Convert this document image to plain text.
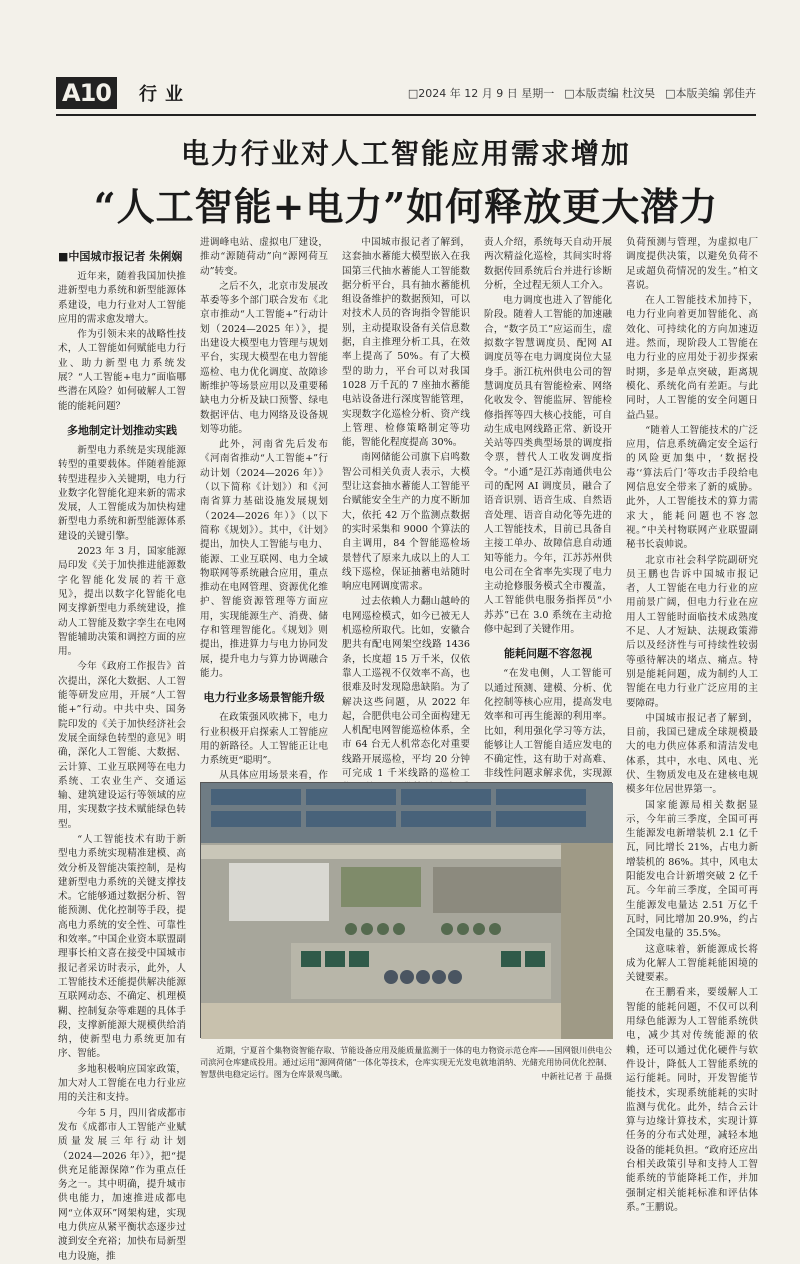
A10	行业	□2024 年 12 月 9 日 星期一 □本版责编 杜汶昊 □本版美编 郭佳卉
电力行业对人工智能应用需求增加
“人工智能+电力”如何释放更大潜力
■中国城市报记者 朱俐娴

近年来，随着我国加快推进新型电力系统和新型能源体系建设，电力行业对人工智能应用的需求愈发增大。

作为引领未来的战略性技术，人工智能如何赋能电力行业、助力新型电力系统发展？“人工智能+电力”面临哪些潜在风险？如何破解人工智能的能耗问题？

多地制定计划推动实践

新型电力系统是实现能源转型的重要载体。伴随着能源转型进程步入关键期，电力行业数字化智能化迎来新的需求发展，人工智能成为加快构建新型电力系统和新型能源体系建设的关键引擎。

2023 年 3 月，国家能源局印发《关于加快推进能源数字化智能化发展的若干意见》，提出以数字化智能化电网支撑新型电力系统建设，推动人工智能及数字孪生在电网智能辅助决策和调控方面的应用。

今年《政府工作报告》首次提出，深化大数据、人工智能等研发应用，开展“人工智能+”行动。中共中央、国务院印发的《关于加快经济社会发展全面绿色转型的意见》明确，深化人工智能、大数据、云计算、工业互联网等在电力系统、工农业生产、交通运输、建筑建设运行等领域的应用，实现数字技术赋能绿色转型。

“人工智能技术有助于新型电力系统实现精准建模、高效分析及智能决策控制，是构建新型电力系统的关键支撑技术。它能够通过数据分析、智能预测、优化控制等手段，提高电力系统的安全性、可靠性和效率。”中国企业资本联盟副理事长柏文喜在接受中国城市报记者采访时表示，此外，人工智能技术还能提供解决能源互联网动态、不确定、机理模糊、控制复杂等难题的具体手段，支撑新能源大规模供给消纳，使新型电力系统更加有序、智能。

多地积极响应国家政策，加大对人工智能在电力行业应用的关注和支持。

今年 5 月，四川省成都市发布《成都市人工智能产业赋质量发展三年行动计划（2024—2026 年）》，把“提供充足能源保障”作为重点任务之一。其中明确，提升城市供电能力，加速推进成都电网“立体双环”网架构建，实现电力供应从紧平衡状态逐步过渡到安全充裕；加快布局新型电力设施，推

进调峰电站、虚拟电厂建设，推动“源随荷动”向“源网荷互动”转变。

之后不久，北京市发展改革委等多个部门联合发布《北京市推动“人工智能+”行动计划（2024—2025 年）》，提出建设大模型电力管理与规划平台，实现大模型在电力智能巡检、电力优化调度、故障诊断维护等场景应用以及重要稀缺电力分析及缺口预警、绿电数据评估、电力网络及设备规划等功能。

此外，河南省先后发布《河南省推动“人工智能+”行动计划（2024—2026 年）》（以下简称《计划》）和《河南省算力基础设施发展规划（2024—2026 年）》（以下简称《规划》）。其中，《计划》提出，加快人工智能与电力、能源、工业互联网、电力全域物联网等系统融合应用，重点推动在电网管理、资源优化维护、智能资源管理等方面应用，实现能源生产、消费、储存和管理智能化。《规划》则提出，推进算力与电力协同发展，提升电力与算力协调融合能力。

电力行业多场景智能升级

在政策强风吹拂下，电力行业积极开启探索人工智能应用的新路径。人工智能正让电力系统更“聪明”。

从具体应用场景来看，作

中国城市报记者了解到，这套抽水蓄能大模型嵌入在我国第三代抽水蓄能人工智能数据分析平台，具有抽水蓄能机组设备维护的数据预知，可以对技术人员的咨询指令智能识别，主动提取设备有关信息数据，自主推理分析工具，在效率上提高了 50%。有了大模型的助力，平台可以对我国 1028 万千瓦的 7 座抽水蓄能电站设备进行深度智能管理，实现数字化巡检分析、资产线上管理、检修策略制定等功能，智能化程度提高 30%。

南网储能公司旗下启鸣数智公司相关负责人表示，大模型让这套抽水蓄能人工智能平台赋能安全生产的力度不断加大，依托 42 万个监测点数据的实时采集和 9000 个算法的自主调用，84 个智能巡检场景替代了原来九成以上的人工线下巡检，保证抽蓄电站随时响应电网调度需求。

过去依赖人力翻山越岭的电网巡检模式，如今已被无人机巡检所取代。比如，安徽合肥共有配电网架空线路 1436 条，长度超 15 万千米，仅依靠人工巡视不仅效率不高，也很难及时发现隐患缺陷。为了解决这些问题，从 2022 年起，合肥供电公司全面构建无人机配电网智能巡检体系，全市 64 台无人机常态化对重要线路开展巡检，平均 20 分钟可完成 1 千米线路的巡检工

责人介绍，系统每天自动开展两次精益化巡检，其间实时将数据传回系统后台并进行诊断分析，全过程无须人工介入。

电力调度也进入了智能化阶段。随着人工智能的加速融合，“数字员工”应运而生，虚拟数字智慧调度员、配网 AI 调度员等在电力调度岗位大显身手。浙江杭州供电公司的智慧调度员具有智能检索、网络化收发令、智能监屏、智能检修指挥等四大核心技能，可自动生成电网线路正常、新设开关站等四类典型场景的调度指令票，替代人工收发调度指令。“小通”是江苏南通供电公司的配网 AI 调度员，融合了语音识别、语音生成、自然语音处理、语音自动化等先进的人工智能技术，目前已具备自主接工单办、故障信息自动通知等能力。今年，江苏苏州供电公司在全省率先实现了电力主动抢修服务模式全市覆盖，人工智能供电服务指挥员“小苏苏”已在 3.0 系统在主动抢修中起到了关键作用。

能耗问题不容忽视

“在发电侧，人工智能可以通过预测、建模、分析、优化控制等核心应用，提高发电效率和可再生能源的利用率。比如，利用强化学习等方法，能够让人工智能自适应发电的不确定性，这有助于对高难、非线性问题求解求优，实现源

负荷预测与管理，为虚拟电厂调度提供决策，以避免负荷不足或超负荷情况的发生。”柏文喜说。

在人工智能技术加持下，电力行业向着更加智能化、高效化、可持续化的方向加速迈进。然而，现阶段人工智能在电力行业的应用处于初步探索时期，多是单点突破，距离规模化、系统化尚有差距。与此同时，人工智能的安全问题日益凸显。

“随着人工智能技术的广泛应用，信息系统确定安全运行的风险更加集中，‘数据投毒’‘算法后门’等攻击手段给电网信息安全带来了新的威胁。此外，人工智能技术的算力需求大，能耗问题也不容忽视。”中关村物联网产业联盟副秘书长袁帅说。

北京市社会科学院副研究员王鹏也告诉中国城市报记者，人工智能在电力行业的应用前景广阔，但电力行业在应用人工智能时面临技术成熟度不足、人才短缺、法规政策滞后以及经济性与可持续性较弱等亟待解决的堵点、痛点。特别是能耗问题，成为制约人工智能在电力行业广泛应用的主要障碍。

中国城市报记者了解到，目前，我国已建成全球规模最大的电力供应体系和清洁发电体系，其中，水电、风电、光伏、生物质发电及在建核电规模多年位居世界第一。

国家能源局相关数据显示，今年前三季度，全国可再生能源发电新增装机 2.1 亿千瓦，同比增长 21%，占电力新增装机的 86%。其中，风电太阳能发电合计新增突破 2 亿千瓦。今年前三季度，全国可再生能源发电量达 2.51 万亿千瓦时，同比增加 20.9%，约占全国发电量的 35.5%。

这意味着，新能源成长将成为化解人工智能耗能困境的关键要素。

在王鹏看来，要缓解人工智能的能耗问题，不仅可以利用绿色能源为人工智能系统供电，减少其对传统能源的依赖，还可以通过优化硬件与软件设计，降低人工智能系统的运行能耗。同时，开发智能节能技术，实现系统能耗的实时监测与优化。此外，结合云计算与边缘计算技术，实现计算任务的分布式处理，减轻本地设备的能耗负担。“政府还应出台相关政策引导和支持人工智能系统的节能降耗工作，并加强制定相关能耗标准和评估体系。”王鹏说。

近期，宁夏首个集物资智能存取、节能设备应用及能质量监测于一体的电力物资示范仓库——国网银川供电公司滨河仓库建成投用。通过运用“源网荷储”一体化等技术，仓库实现无光发电就地消纳、光储充用协同优化控制、智慧供电稳定运行。图为仓库景观鸟瞰。	中新社记者 于 晶摄
